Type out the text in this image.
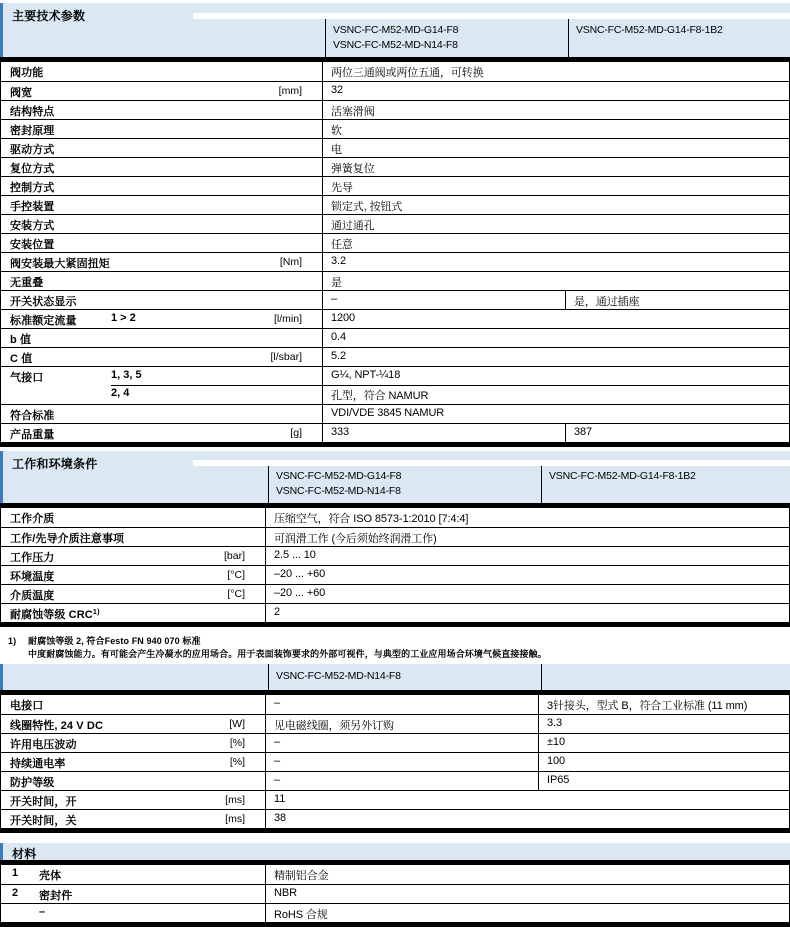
主要技术参数
VSNC-FC-M52-MD-G14-F8
VSNC-FC-M52-MD-N14-F8
VSNC-FC-M52-MD-G14-F8-1B2
阀功能	两位三通阀或两位五通，可转换
阀宽	[mm]	32
结构特点	活塞滑阀
密封原理	软
驱动方式	电
复位方式	弹簧复位
控制方式	先导
手控装置	锁定式, 按钮式
安装方式	通过通孔
安装位置	任意
阀安装最大紧固扭矩	[Nm]	3.2
无重叠	是
开关状态显示	–	是，通过插座
标准额定流量	1 > 2	[l/min]	1200
b 值	0.4
C 值	[l/sbar]	5.2
气接口	1, 3, 5	G¼, NPT-¼18
2, 4	孔型，符合 NAMUR
符合标准	VDI/VDE 3845 NAMUR
产品重量	[g]	333	387
工作和环境条件
VSNC-FC-M52-MD-G14-F8
VSNC-FC-M52-MD-N14-F8
VSNC-FC-M52-MD-G14-F8-1B2
工作介质	压缩空气，符合 ISO 8573-1:2010 [7:4:4]
工作/先导介质注意事项	可润滑工作 (今后须始终润滑工作)
工作压力	[bar]	2.5 ... 10
环境温度	[°C]	–20 ... +60
介质温度	[°C]	–20 ... +60
耐腐蚀等级 CRC$^{1)}$	2
1)	耐腐蚀等级 2, 符合Festo FN 940 070 标准
中度耐腐蚀能力。有可能会产生冷凝水的应用场合。用于表面装饰要求的外部可视件，与典型的工业应用场合环境气候直接接触。
VSNC-FC-M52-MD-N14-F8
电接口	–	3针接头，型式 B，符合工业标准 (11 mm)
线圈特性, 24 V DC	[W]	见电磁线圈，须另外订购	3.3
许用电压波动	[%]	–	±10
持续通电率	[%]	–	100
防护等级	–	IP65
开关时间，开	[ms]	11
开关时间，关	[ms]	38
材料
1 壳体	精制铝合金
2 密封件	NBR
–	RoHS 合规
